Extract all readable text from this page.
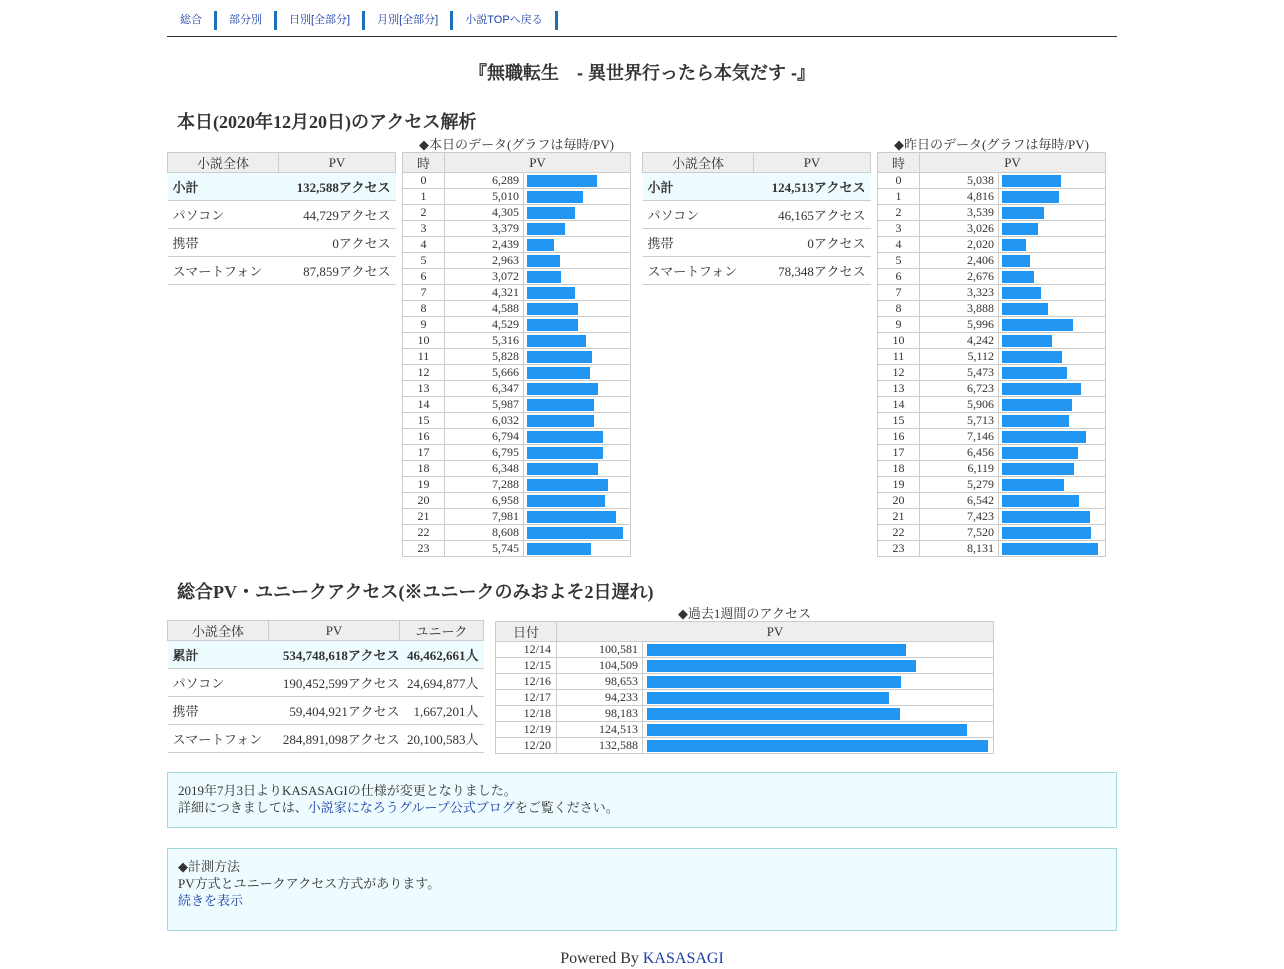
総合	部分別	日別[全部分]	月別[全部分]	小説TOPへ戻る
『無職転生　- 異世界行ったら本気だす -』
本日(2020年12月20日)のアクセス解析
◆本日のデータ(グラフは毎時/PV)	◆昨日のデータ(グラフは毎時/PV)
小説全体	PV
小計	132,588アクセス
パソコン	44,729アクセス
携帯	0アクセス
スマートフォン	87,859アクセス
時	PV	
0	6,289	

1	5,010	

2	4,305	

3	3,379	

4	2,439	

5	2,963	

6	3,072	

7	4,321	

8	4,588	

9	4,529	

10	5,316	

11	5,828	

12	5,666	

13	6,347	

14	5,987	

15	6,032	

16	6,794	

17	6,795	

18	6,348	

19	7,288	

20	6,958	

21	7,981	

22	8,608	

23	5,745	
小説全体	PV
小計	124,513アクセス
パソコン	46,165アクセス
携帯	0アクセス
スマートフォン	78,348アクセス
時	PV	
0	5,038	

1	4,816	

2	3,539	

3	3,026	

4	2,020	

5	2,406	

6	2,676	

7	3,323	

8	3,888	

9	5,996	

10	4,242	

11	5,112	

12	5,473	

13	6,723	

14	5,906	

15	5,713	

16	7,146	

17	6,456	

18	6,119	

19	5,279	

20	6,542	

21	7,423	

22	7,520	

23	8,131	
総合PV・ユニークアクセス(※ユニークのみおよそ2日遅れ)
小説全体	PV	ユニーク
累計	534,748,618アクセス	46,462,661人
パソコン	190,452,599アクセス	24,694,877人
携帯	59,404,921アクセス	1,667,201人
スマートフォン	284,891,098アクセス	20,100,583人
◆過去1週間のアクセス
日付	PV	
12/14	100,581	

12/15	104,509	

12/16	98,653	

12/17	94,233	

12/18	98,183	

12/19	124,513	

12/20	132,588	
2019年7月3日よりKASASAGIの仕様が変更となりました。
詳細につきましては、小説家になろうグループ公式ブログをご覧ください。
◆計測方法
PV方式とユニークアクセス方式があります。
続きを表示
Powered By KASASAGI
